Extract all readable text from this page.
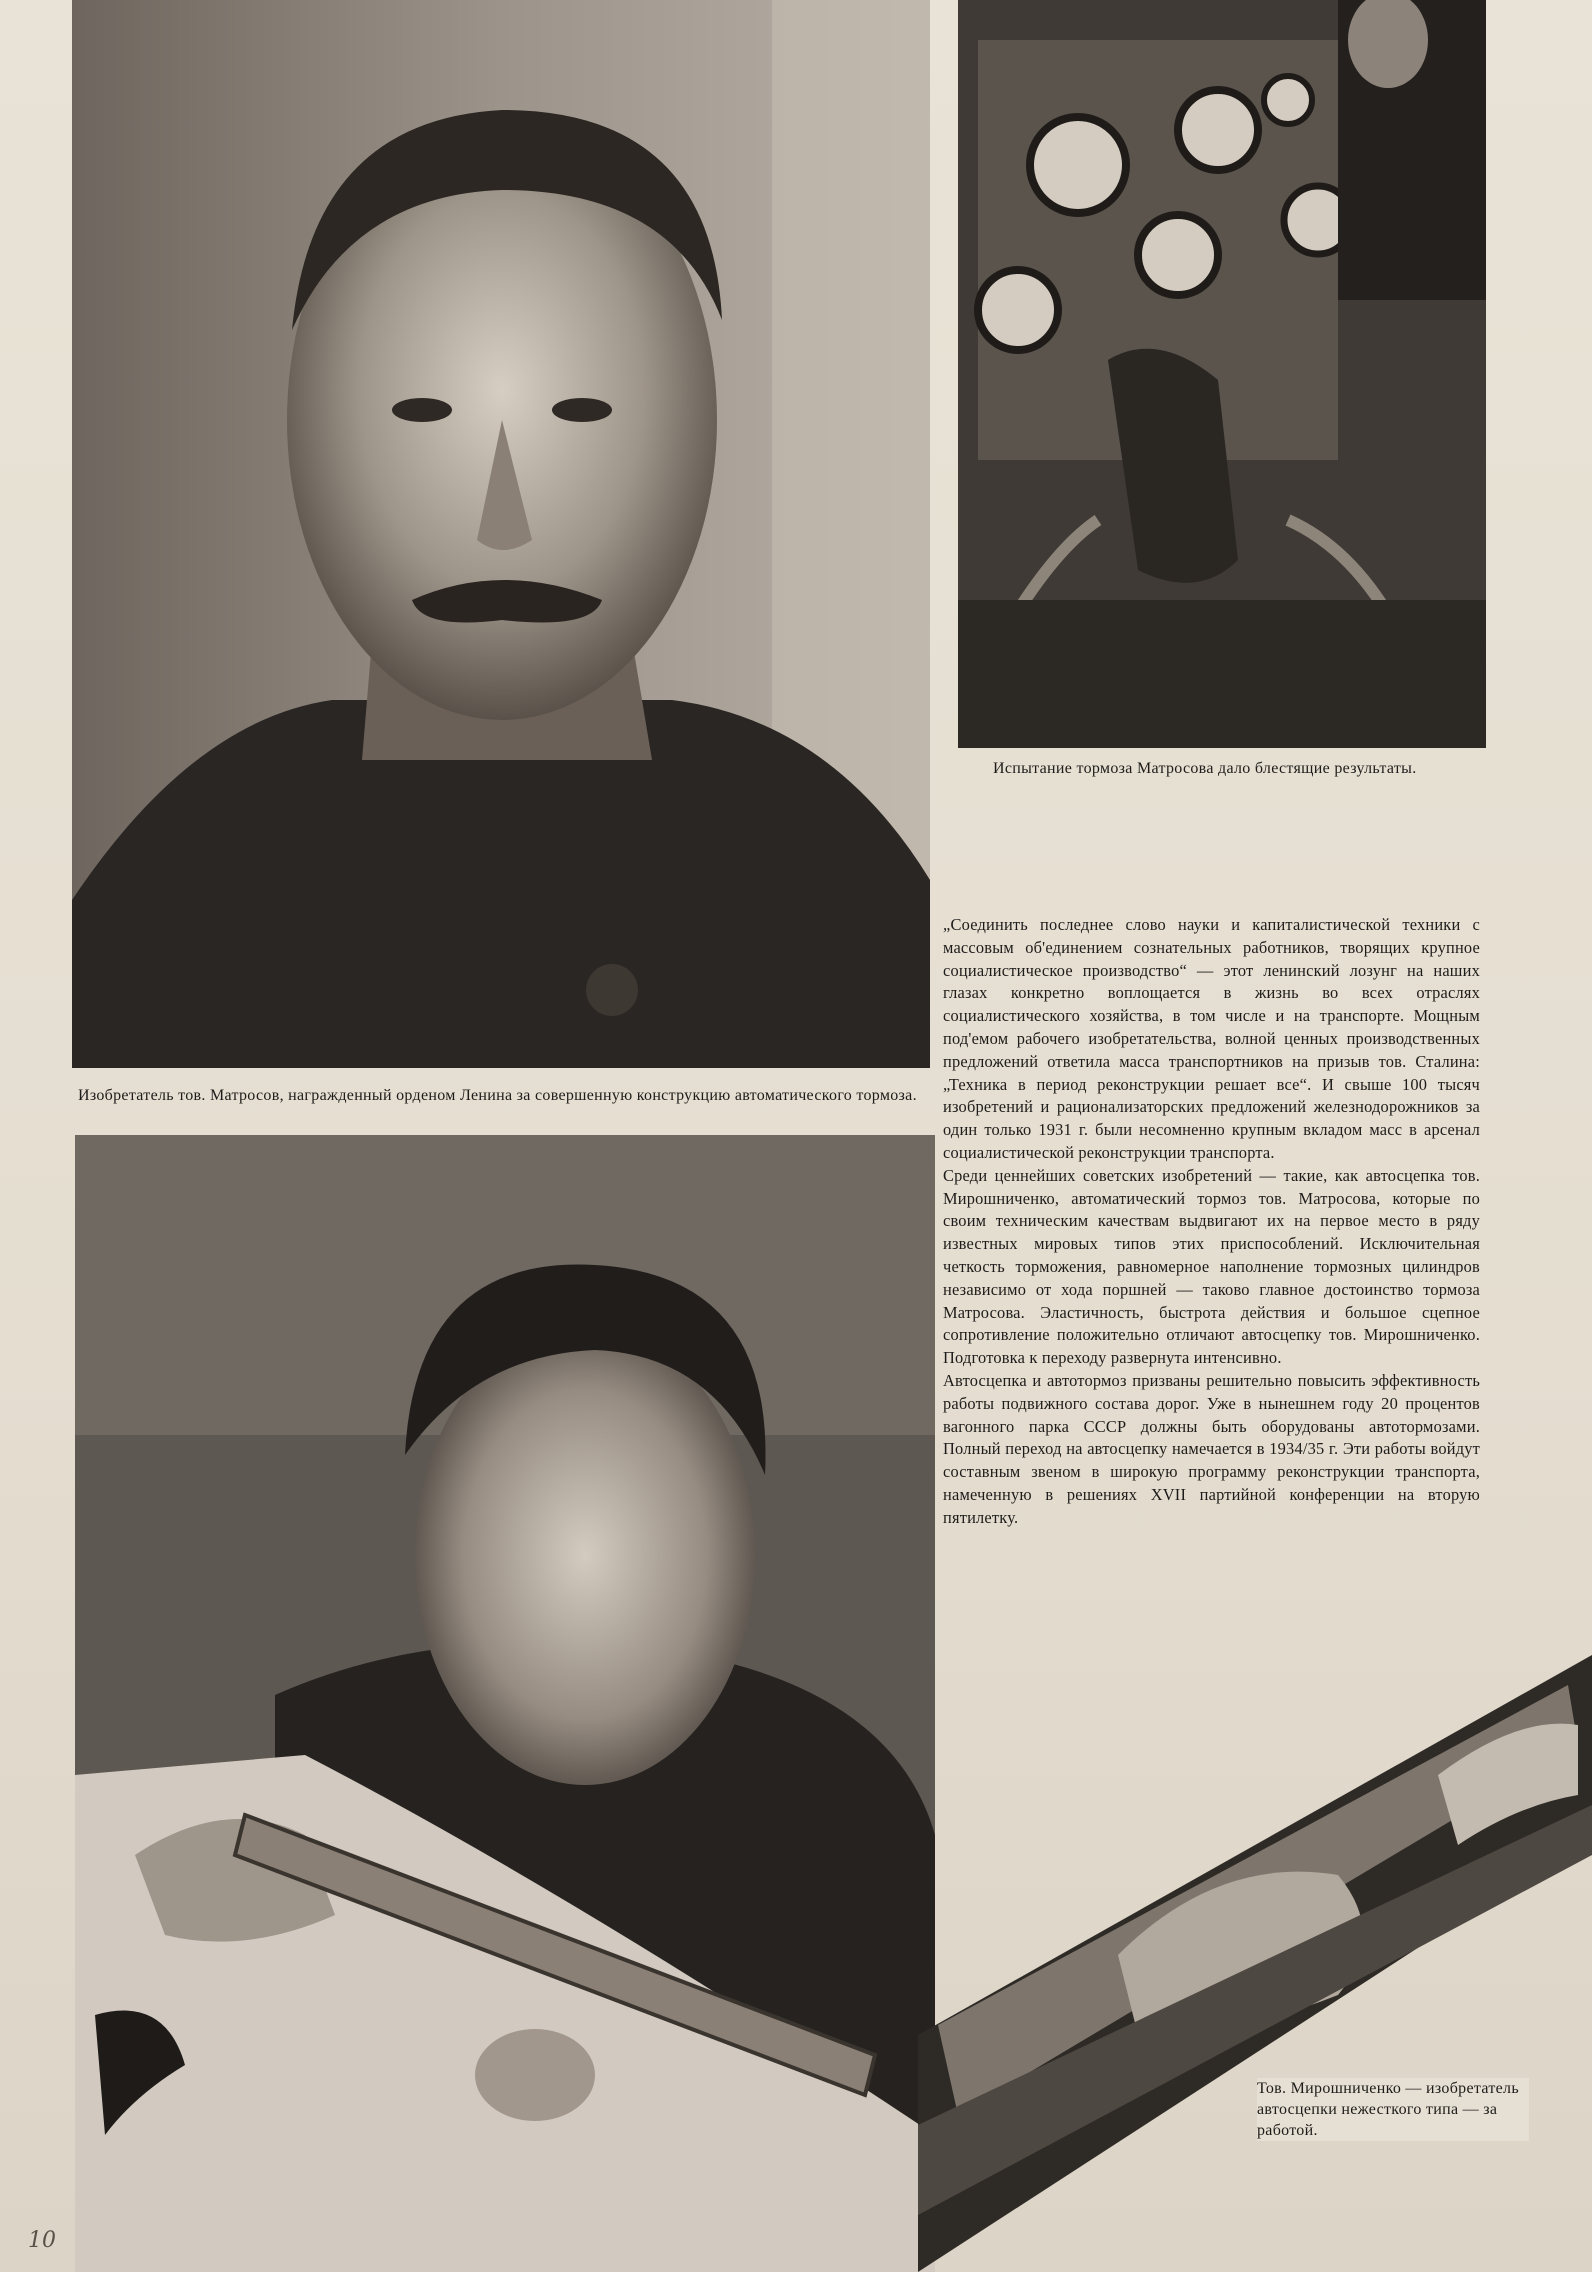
Испытание тормоза Матросова дало блестящие результаты.
Изобретатель тов. Матросов, награжденный орденом Ленина за совершенную конструкцию автоматического тормоза.
Тов. Мирошниченко — изобретатель автосцепки нежесткого типа — за работой.

„Соединить последнее слово науки и капиталистической техники с массовым об'единением сознательных работников, творящих крупное социалистическое производство“ — этот ленинский лозунг на наших глазах конкретно воплощается в жизнь во всех отраслях социалистического хозяйства, в том числе и на транспорте. Мощным под'емом рабочего изобретательства, волной ценных производственных предложений ответила масса транспортников на призыв тов. Сталина: „Техника в период реконструкции решает все“. И свыше 100 тысяч изобретений и рационализаторских предложений железнодорожников за один только 1931 г. были несомненно крупным вкладом масс в арсенал социалистической реконструкции транспорта.

Среди ценнейших советских изобретений — такие, как автосцепка тов. Мирошниченко, автоматический тормоз тов. Матросова, которые по своим техническим качествам выдвигают их на первое место в ряду известных мировых типов этих приспособлений. Исключительная четкость торможения, равномерное наполнение тормозных цилиндров независимо от хода поршней — таково главное достоинство тормоза Матросова. Эластичность, быстрота действия и большое сцепное сопротивление положительно отличают автосцепку тов. Мирошниченко. Подготовка к переходу развернута интенсивно.

Автосцепка и автотормоз призваны решительно повысить эффективность работы подвижного состава дорог. Уже в нынешнем году 20 процентов вагонного парка СССР должны быть оборудованы автотормозами. Полный переход на автосцепку намечается в 1934/35 г. Эти работы войдут составным звеном в широкую программу реконструкции транспорта, намеченную в решениях XVII партийной конференции на вторую пятилетку.

10
